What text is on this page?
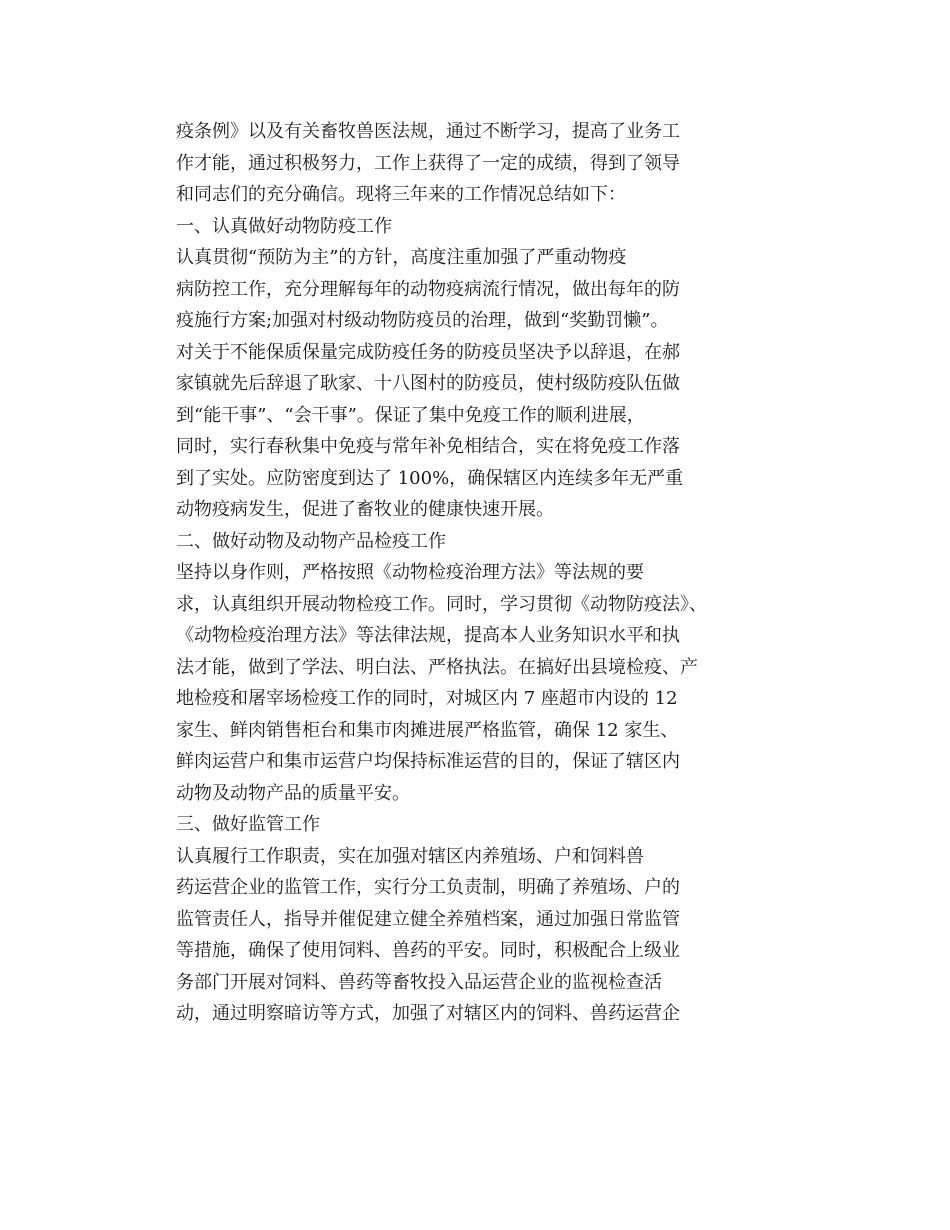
疫条例》以及有关畜牧兽医法规，通过不断学习，提高了业务工

作才能，通过积极努力，工作上获得了一定的成绩，得到了领导

和同志们的充分确信。现将三年来的工作情况总结如下：

一、认真做好动物防疫工作

认真贯彻“预防为主”的方针，高度注重加强了严重动物疫

病防控工作，充分理解每年的动物疫病流行情况，做出每年的防

疫施行方案;加强对村级动物防疫员的治理，做到“奖勤罚懒”。

对关于不能保质保量完成防疫任务的防疫员坚决予以辞退，在郝

家镇就先后辞退了耿家、十八图村的防疫员，使村级防疫队伍做

到“能干事”、“会干事”。保证了集中免疫工作的顺利进展，

同时，实行春秋集中免疫与常年补免相结合，实在将免疫工作落

到了实处。应防密度到达了 100%，确保辖区内连续多年无严重

动物疫病发生，促进了畜牧业的健康快速开展。

二、做好动物及动物产品检疫工作

坚持以身作则，严格按照《动物检疫治理方法》等法规的要

求，认真组织开展动物检疫工作。同时，学习贯彻《动物防疫法》、

《动物检疫治理方法》等法律法规，提高本人业务知识水平和执

法才能，做到了学法、明白法、严格执法。在搞好出县境检疫、产

地检疫和屠宰场检疫工作的同时，对城区内 7 座超市内设的 12

家生、鲜肉销售柜台和集市肉摊进展严格监管，确保 12 家生、

鲜肉运营户和集市运营户均保持标准运营的目的，保证了辖区内

动物及动物产品的质量平安。

三、做好监管工作

认真履行工作职责，实在加强对辖区内养殖场、户和饲料兽

药运营企业的监管工作，实行分工负责制，明确了养殖场、户的

监管责任人，指导并催促建立健全养殖档案，通过加强日常监管

等措施，确保了使用饲料、兽药的平安。同时，积极配合上级业

务部门开展对饲料、兽药等畜牧投入品运营企业的监视检查活

动，通过明察暗访等方式，加强了对辖区内的饲料、兽药运营企
